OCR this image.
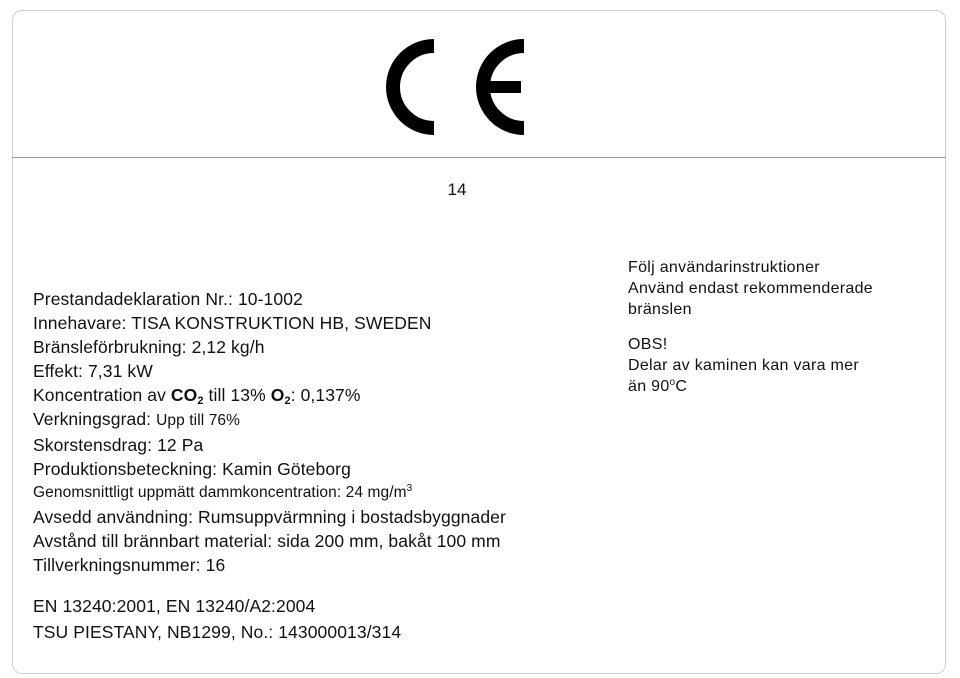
14
Prestandadeklaration Nr.: 10-1002
Innehavare: TISA KONSTRUKTION HB, SWEDEN
Bränsleförbrukning: 2,12 kg/h
Effekt: 7,31 kW
Koncentration av $CO_2$ till 13% $O_2$: 0,137%
Verkningsgrad: Upp till 76%
Skorstensdrag: 12 Pa
Produktionsbeteckning: Kamin Göteborg
Genomsnittligt uppmätt dammkoncentration: 24 $mg/m^3$
Avsedd användning: Rumsuppvärmning i bostadsbyggnader
Avstånd till brännbart material: sida 200 mm, bakåt 100 mm
Tillverkningsnummer: 16
EN 13240:2001, EN 13240/A2:2004
TSU PIESTANY, NB1299, No.: 143000013/314
Följ användarinstruktioner
Använd endast rekommenderade
bränslen
OBS!
Delar av kaminen kan vara mer
än 90$^o$C
